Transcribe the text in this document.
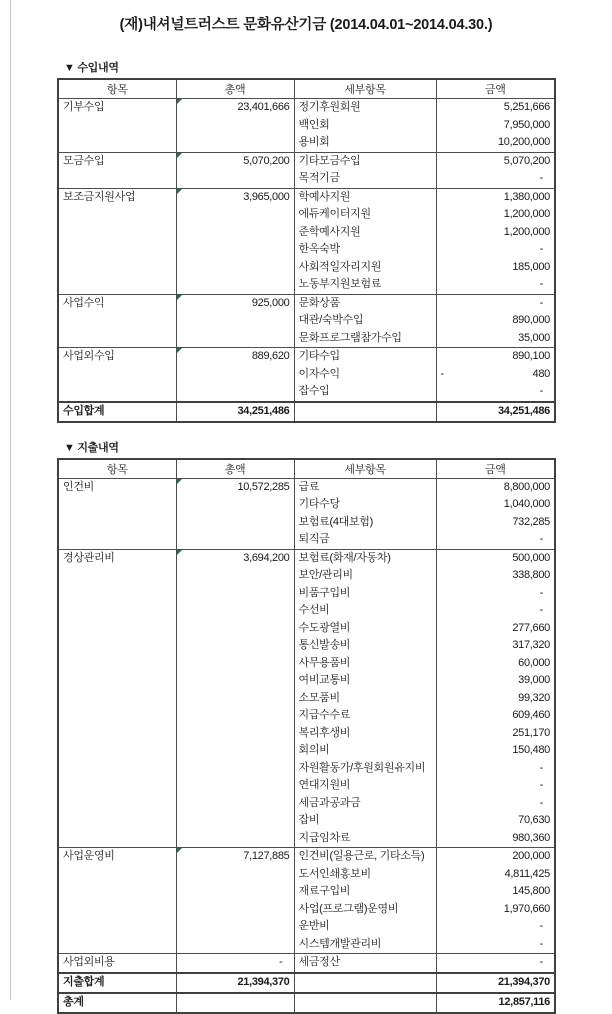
(재)내셔널트러스트 문화유산기금 (2014.04.01~2014.04.30.)
▼ 수입내역
항목	총액	세부항목	금액
기부수입	23,401,666	정기후원회원	5,251,666
		백인회	7,950,000
		용비회	10,200,000
모금수입	5,070,200	기타모금수입	5,070,200
		목적기금	-
보조금지원사업	3,965,000	학예사지원	1,380,000
		에듀케이터지원	1,200,000
		준학예사지원	1,200,000
		한옥숙박	-
		사회적일자리지원	185,000
		노동부지원보험료	-
사업수익	925,000	문화상품	-
		대관/숙박수입	890,000
		문화프로그램참가수입	35,000
사업외수입	889,620	기타수입	890,100
		이자수익	- 480

		잡수입	-
수입합계	34,251,486		34,251,486
▼ 지출내역
항목	총액	세부항목	금액
인건비	10,572,285	급료	8,800,000
		기타수당	1,040,000
		보험료(4대보험)	732,285
		퇴직금	-
경상관리비	3,694,200	보험료(화재/자동차)	500,000
		보안/관리비	338,800
		비품구입비	-
		수선비	-
		수도광열비	277,660
		통신발송비	317,320
		사무용품비	60,000
		여비교통비	39,000
		소모품비	99,320
		지급수수료	609,460
		복리후생비	251,170
		회의비	150,480
		자원활동가/후원회원유지비	-
		연대지원비	-
		세금과공과금	-
		잡비	70,630
		지급임차료	980,360
사업운영비	7,127,885	인건비(일용근로, 기타소득)	200,000
		도서인쇄홍보비	4,811,425
		재료구입비	145,800
		사업(프로그램)운영비	1,970,660
		운반비	-
		시스템개발관리비	-
사업외비용	-	세금정산	-
지출합계	21,394,370		21,394,370
총계			12,857,116
